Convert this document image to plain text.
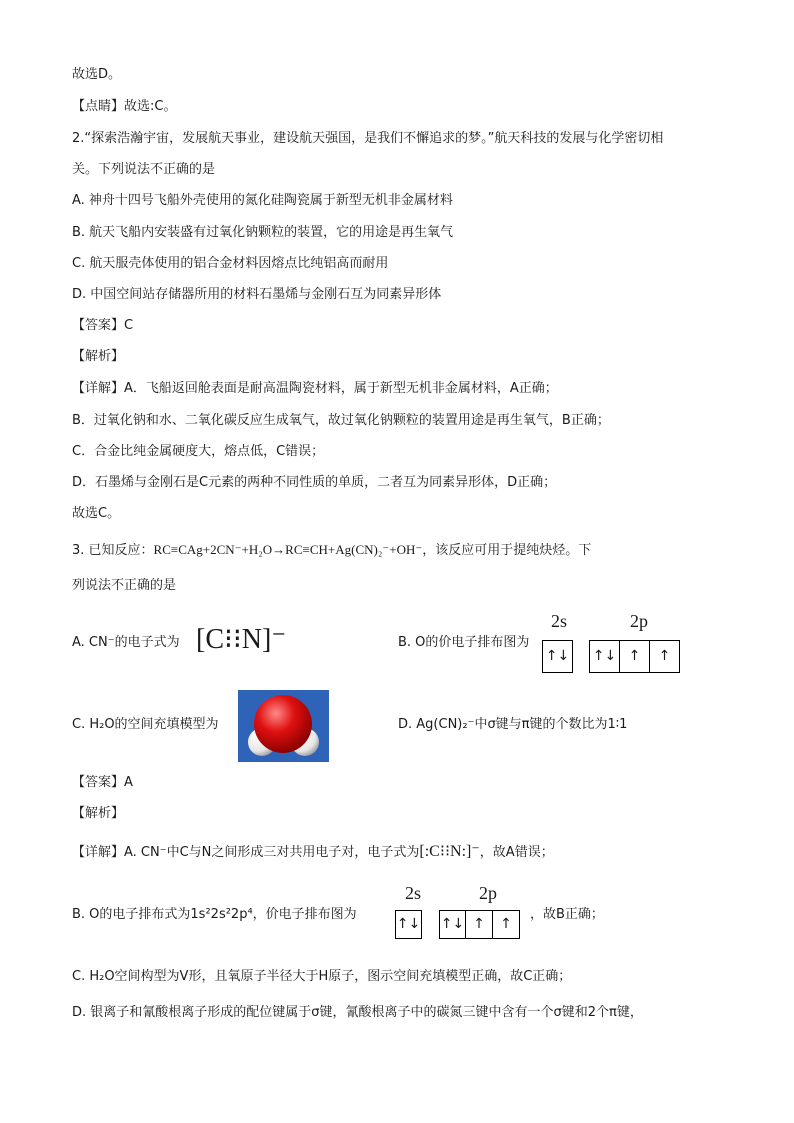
故选D。
【点睛】故选:C。
2.“探索浩瀚宇宙，发展航天事业，建设航天强国，是我们不懈追求的梦。”航天科技的发展与化学密切相
关。下列说法不正确的是
A. 神舟十四号飞船外壳使用的氮化硅陶瓷属于新型无机非金属材料
B. 航天飞船内安装盛有过氧化钠颗粒的装置，它的用途是再生氧气
C. 航天服壳体使用的铝合金材料因熔点比纯铝高而耐用
D. 中国空间站存储器所用的材料石墨烯与金刚石互为同素异形体
【答案】C
【解析】
【详解】A．飞船返回舱表面是耐高温陶瓷材料，属于新型无机非金属材料，A正确；
B．过氧化钠和水、二氧化碳反应生成氧气，故过氧化钠颗粒的装置用途是再生氧气，B正确；
C．合金比纯金属硬度大，熔点低，C错误；
D．石墨烯与金刚石是C元素的两种不同性质的单质，二者互为同素异形体，D正确；
故选C。
3. 已知反应：RC≡CAg+2CN⁻+H₂O→RC≡CH+Ag(CN)₂⁻+OH⁻，该反应可用于提纯炔烃。下
列说法不正确的是
A. CN⁻的电子式为 [C⁝⁝N]⁻	B. O的价电子排布图为
2s	2p
↑↓ ↑↓ ↑	↑
C. H₂O的空间充填模型为	D. Ag(CN)₂⁻中σ键与π键的个数比为1∶1
【答案】A
【解析】
【详解】A. CN⁻中C与N之间形成三对共用电子对，电子式为[:C⁝⁝N:]⁻，故A错误；
B. O的电子排布式为1s²2s²2p⁴，价电子排布图为
2s	2p
↑↓ ↑↓ ↑	↑
，故B正确；
C. H₂O空间构型为V形，且氧原子半径大于H原子，图示空间充填模型正确，故C正确；
D. 银离子和氰酸根离子形成的配位键属于σ键，氰酸根离子中的碳氮三键中含有一个σ键和2个π键，
